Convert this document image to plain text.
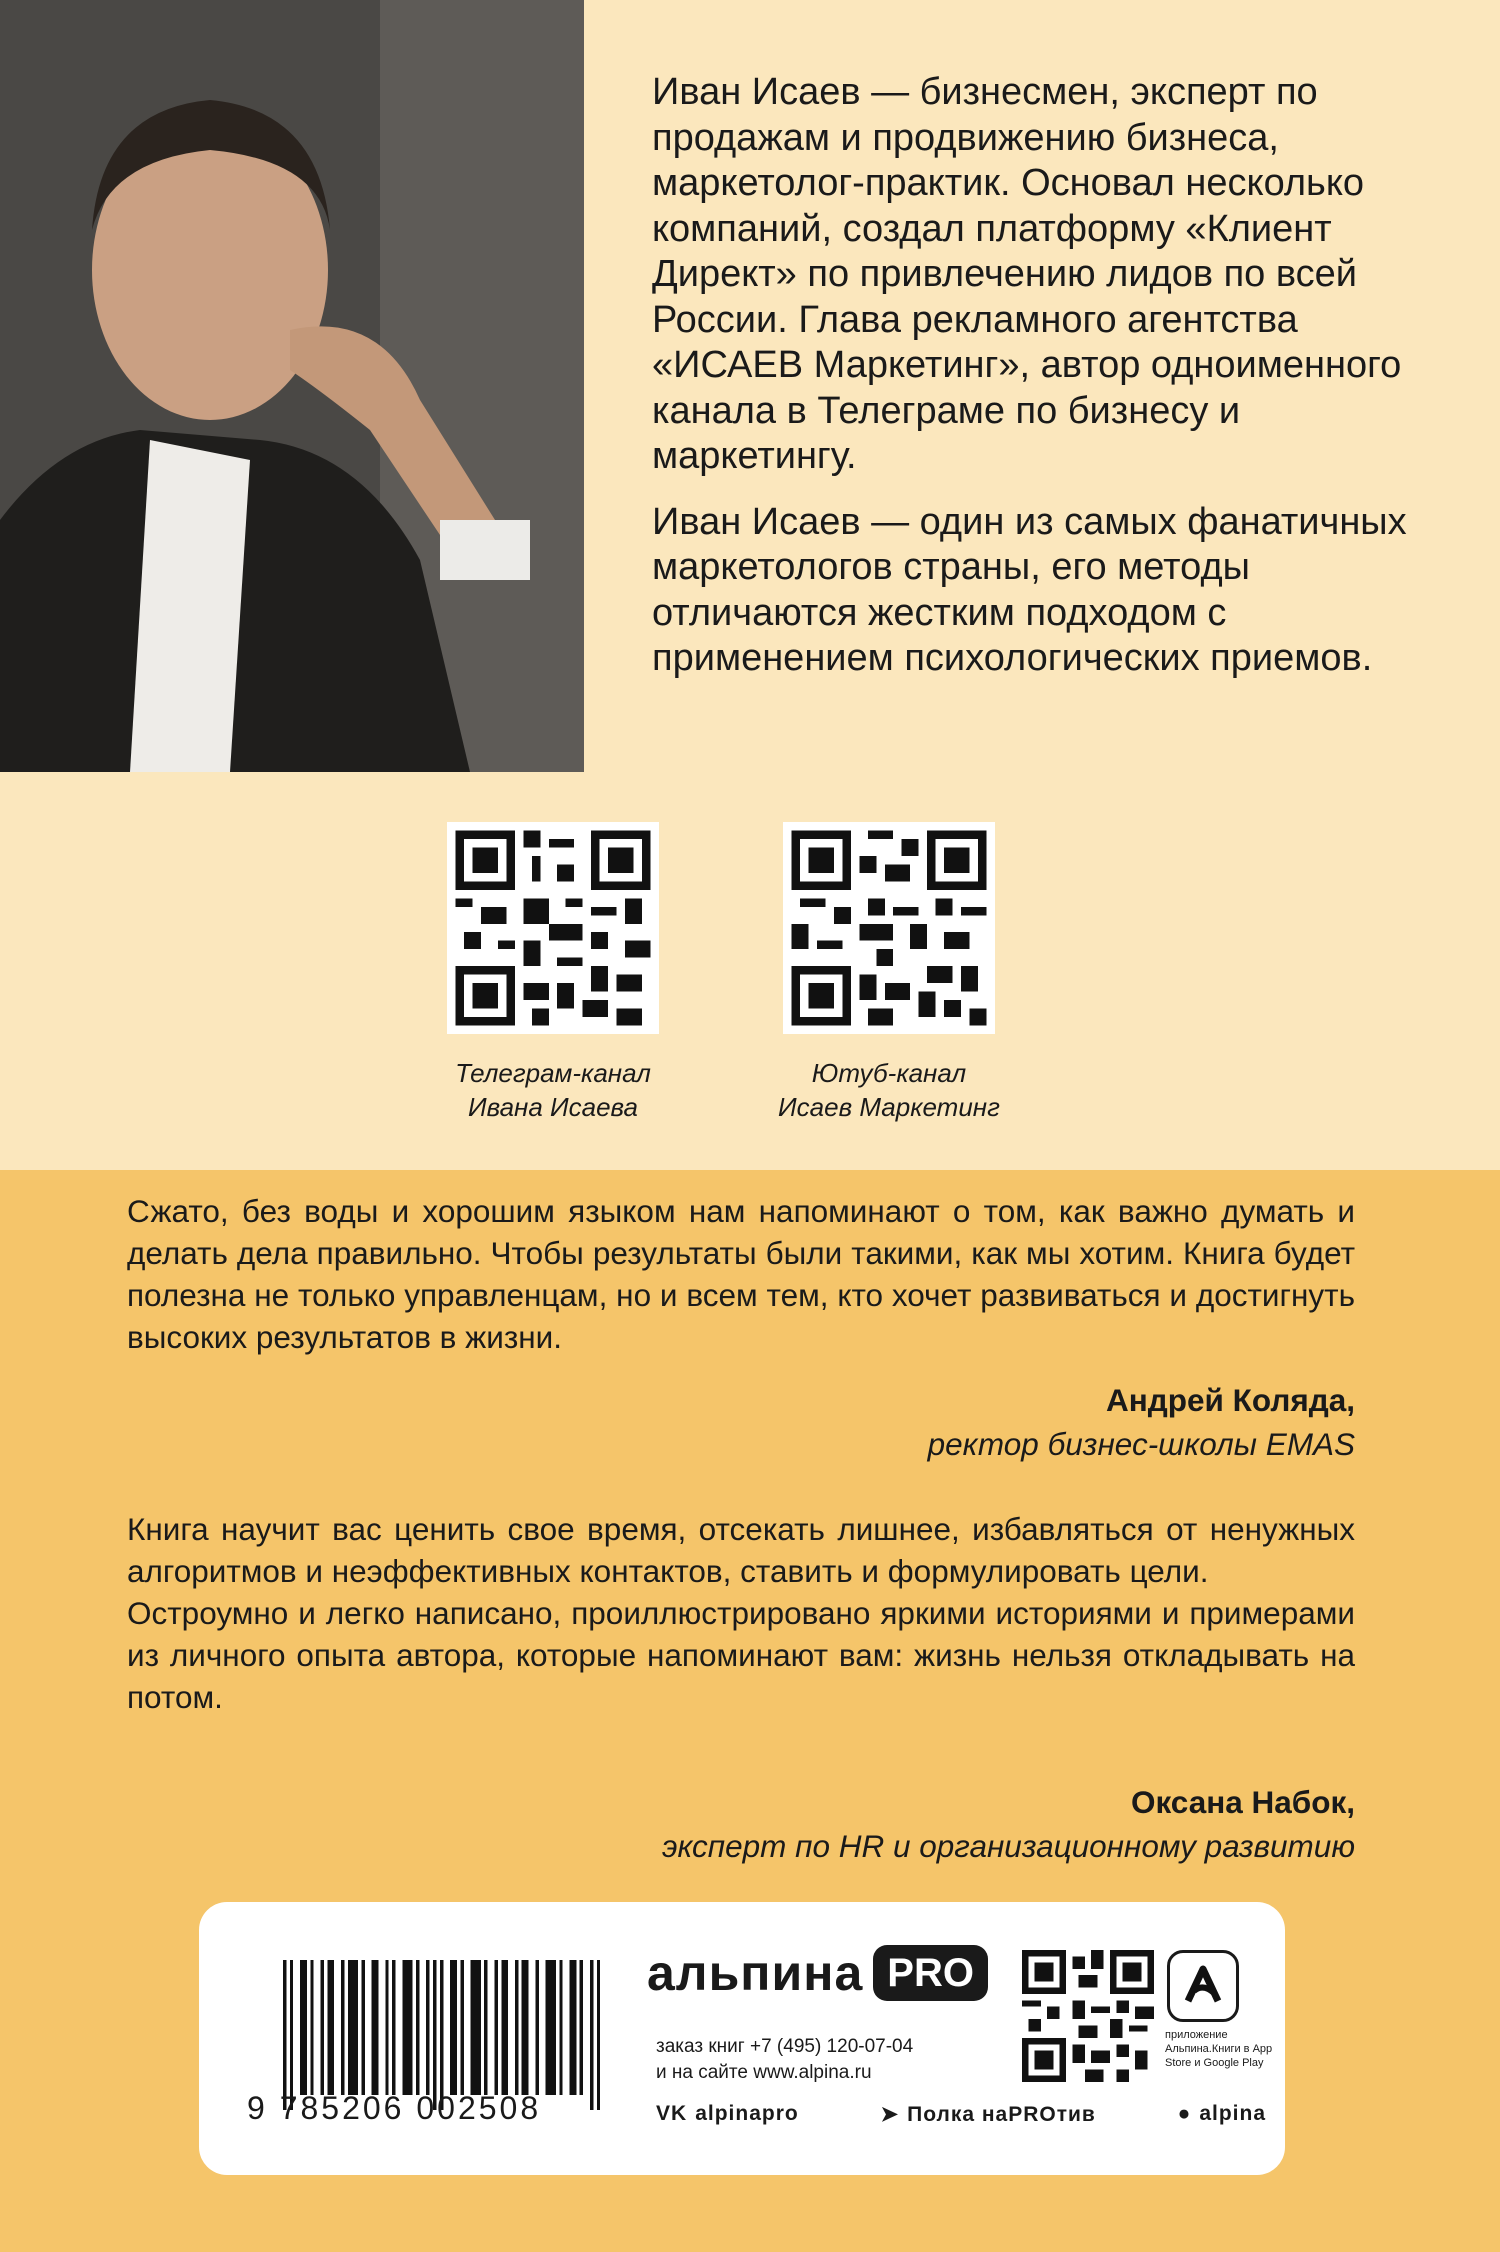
Иван Исаев — бизнесмен, эксперт по продажам и продвижению бизнеса, маркетолог-практик. Основал несколько компаний, создал платформу «Клиент Директ» по привлечению лидов по всей России. Глава рекламного агентства «ИСАЕВ Маркетинг», автор одноименного канала в Телеграме по бизнесу и маркетингу.

Иван Исаев — один из самых фанатичных маркетологов страны, его методы отличаются жестким подходом с применением психологических приемов.

Телеграм-канал
Ивана Исаева
Ютуб-канал
Исаев Маркетинг

Сжато, без воды и хорошим языком нам напоминают о том, как важно думать и делать дела правильно. Чтобы результаты были такими, как мы хотим. Книга будет полезна не только управленцам, но и всем тем, кто хочет развиваться и достигнуть высоких результатов в жизни.

Андрей Коляда,
ректор бизнес-школы EMAS

Книга научит вас ценить свое время, отсекать лишнее, избавляться от ненужных алгоритмов и неэффективных контактов, ставить и формулировать цели.

Остроумно и легко написано, проиллюстрировано яркими историями и примерами из личного опыта автора, которые напоминают вам: жизнь нельзя откладывать на потом.

Оксана Набок,
эксперт по HR и организационному развитию
9 785206 002508
альпина PRO
заказ книг +7 (495) 120-07-04
и на сайте www.alpina.ru
приложение Альпина.Книги в App Store и Google Play
VK alpinapro	➤ Полка наPROтив	● alpina
